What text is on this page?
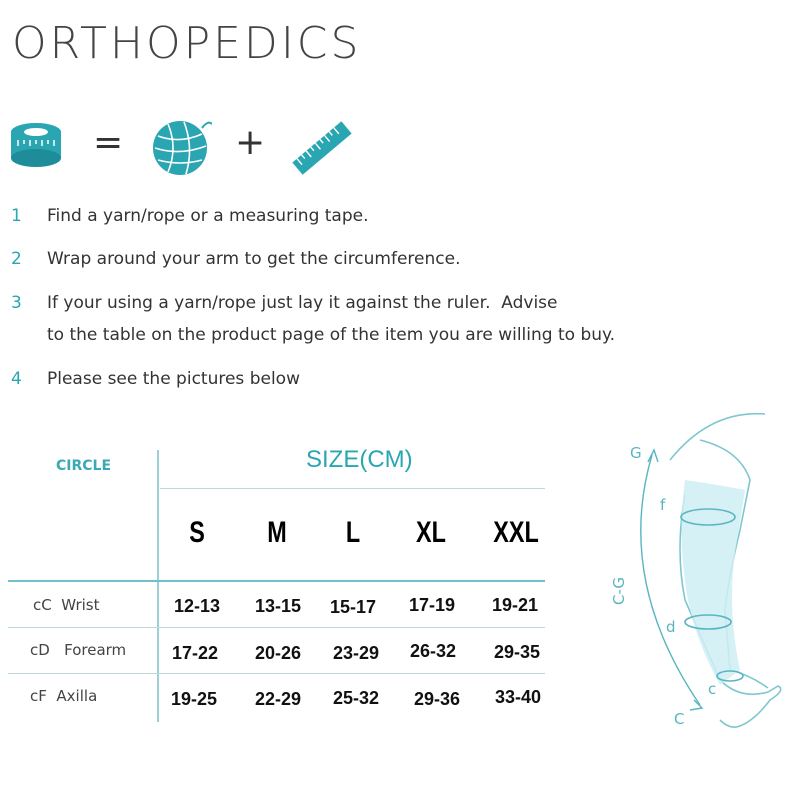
ORTHOPEDICS
=	+
1 Find a yarn/rope or a measuring tape.
2 Wrap around your arm to get the circumference.
3 If your using a yarn/rope just lay it against the ruler.  Advise
to the table on the product page of the item you are willing to buy.
4 Please see the pictures below
CIRCLE	SIZE(CM)
S	M	L	XL	XXL
cC Wrist	12-13	13-15	15-17	17-19	19-21
cD Forearm	17-22	20-26	23-29	26-32	29-35
cF Axilla	19-25	22-29	25-32	29-36	33-40
G
f
d
c
C
C-G
